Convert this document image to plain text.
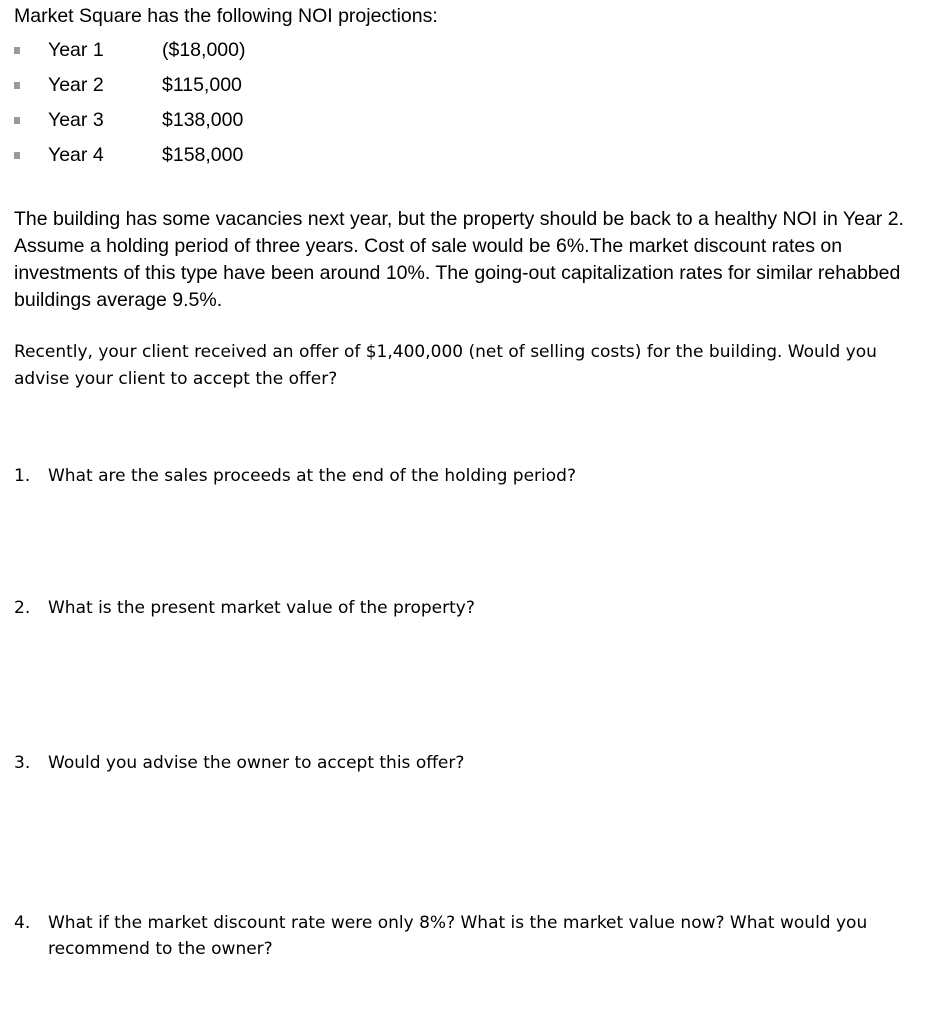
Market Square has the following NOI projections:
Year 1	($18,000)
Year 2	$115,000
Year 3	$138,000
Year 4	$158,000
The building has some vacancies next year, but the property should be back to a healthy NOI in Year 2. Assume a holding period of three years. Cost of sale would be 6%.The market discount rates on investments of this type have been around 10%. The going-out capitalization rates for similar rehabbed buildings average 9.5%.
Recently, your client received an offer of $1,400,000 (net of selling costs) for the building. Would you advise your client to accept the offer?
1. What are the sales proceeds at the end of the holding period?
2. What is the present market value of the property?
3. Would you advise the owner to accept this offer?
4. What if the market discount rate were only 8%? What is the market value now? What would you recommend to the owner?
